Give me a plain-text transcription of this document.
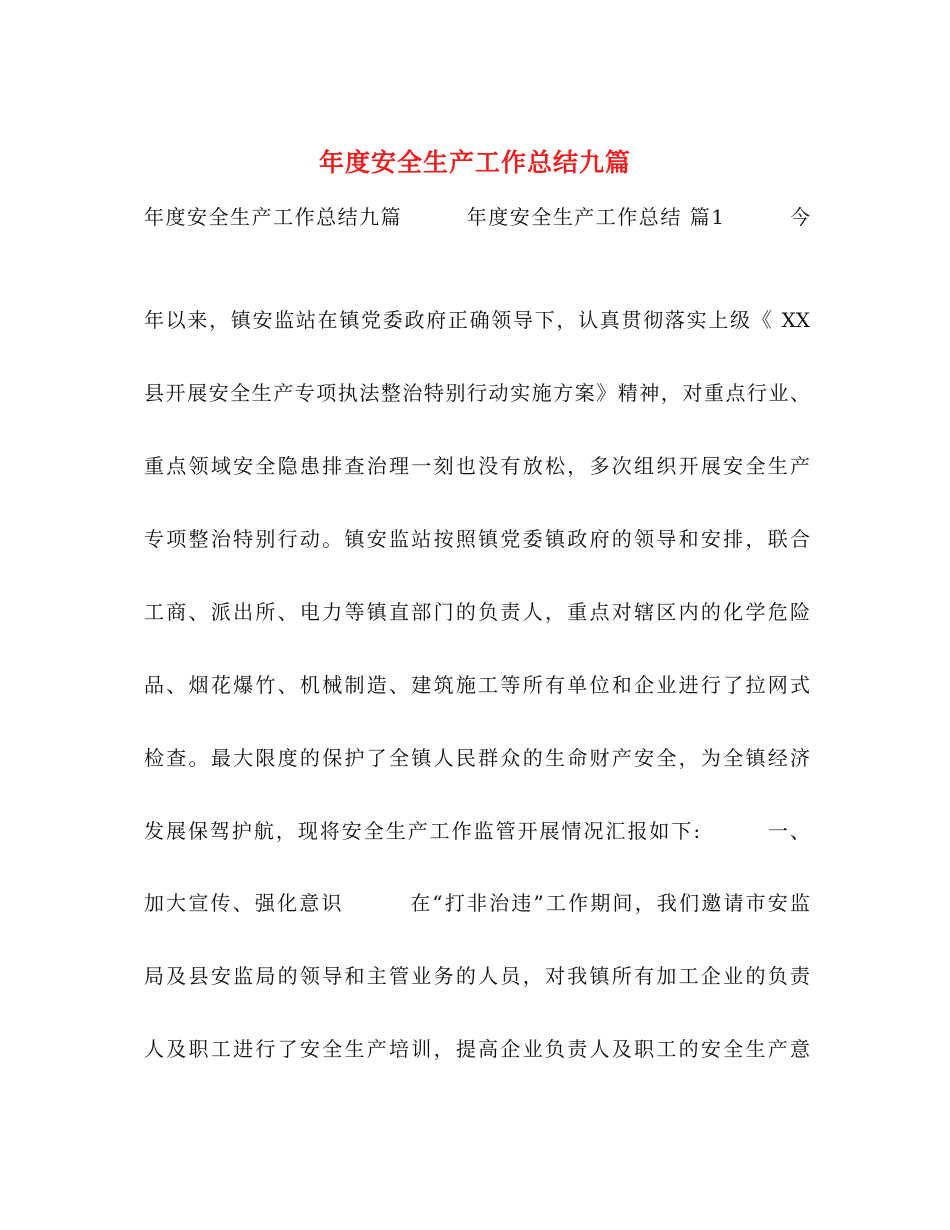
年度安全生产工作总结九篇
年度安全生产工作总结九篇　　　年度安全生产工作总结 篇1　　　今
年以来，镇安监站在镇党委政府正确领导下，认真贯彻落实上级《 XX
县开展安全生产专项执法整治特别行动实施方案》精神，对重点行业、
重点领域安全隐患排查治理一刻也没有放松，多次组织开展安全生产
专项整治特别行动。镇安监站按照镇党委镇政府的领导和安排，联合
工商、派出所、电力等镇直部门的负责人，重点对辖区内的化学危险
品、烟花爆竹、机械制造、建筑施工等所有单位和企业进行了拉网式
检查。最大限度的保护了全镇人民群众的生命财产安全，为全镇经济
发展保驾护航，现将安全生产工作监管开展情况汇报如下:　　　一、
加大宣传、强化意识　　　在“打非治违”工作期间，我们邀请市安监
局及县安监局的领导和主管业务的人员，对我镇所有加工企业的负责
人及职工进行了安全生产培训，提高企业负责人及职工的安全生产意
